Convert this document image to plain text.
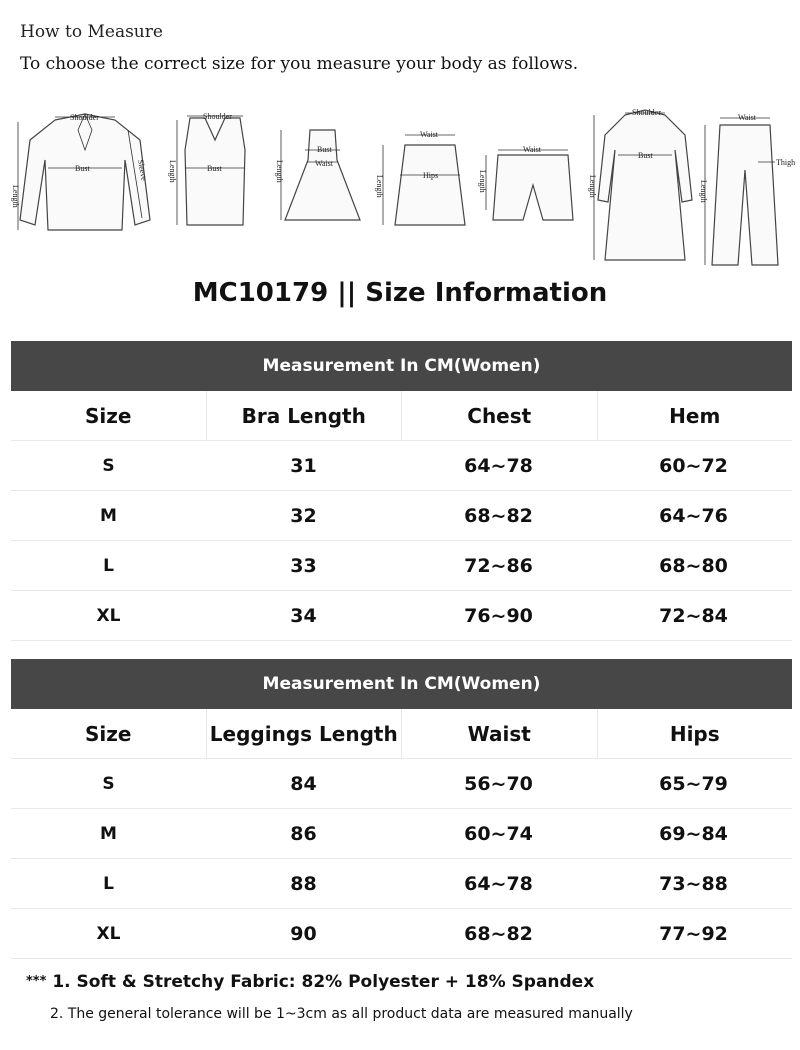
How to Measure
To choose the correct size for you measure your body as follows.
Shoulder
Bust
Length
Sleeve
Shoulder
Bust
Length
Bust
Waist
Length
Waist
Hips
Length
Waist
Length
Shoulder
Bust
Length
Waist
Thigh
Length
MC10179 || Size Information
Measurement In CM(Women)
Size	Bra Length	Chest	Hem
S	31	64~78	60~72
M	32	68~82	64~76
L	33	72~86	68~80
XL	34	76~90	72~84
Measurement In CM(Women)
Size	Leggings Length	Waist	Hips
S	84	56~70	65~79
M	86	60~74	69~84
L	88	64~78	73~88
XL	90	68~82	77~92
*** 1. Soft & Stretchy Fabric: 82% Polyester + 18% Spandex
2. The general tolerance will be 1~3cm as all product data are measured manually
